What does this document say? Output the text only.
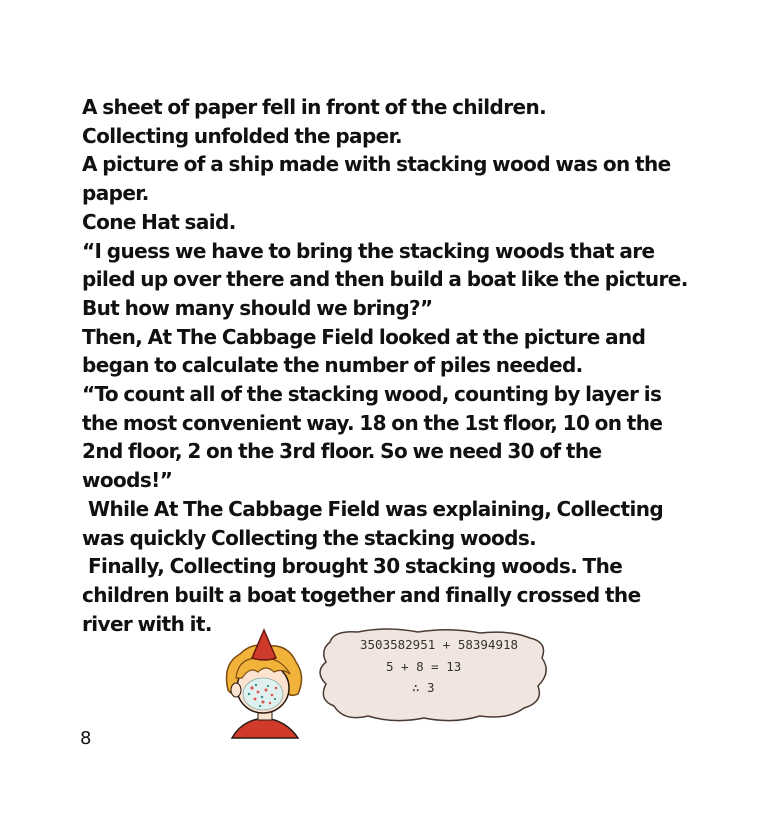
A sheet of paper fell in front of the children.
Collecting unfolded the paper.
A picture of a ship made with stacking wood was on the
paper.
Cone Hat said.
“I guess we have to bring the stacking woods that are
piled up over there and then build a boat like the picture.
But how many should we bring?”
Then, At The Cabbage Field looked at the picture and
began to calculate the number of piles needed.
“To count all of the stacking wood, counting by layer is
the most convenient way. 18 on the 1st floor, 10 on the
2nd floor, 2 on the 3rd floor. So we need 30 of the
woods!”
While At The Cabbage Field was explaining, Collecting
was quickly Collecting the stacking woods.
Finally, Collecting brought 30 stacking woods. The
children built a boat together and finally crossed the
river with it.
3503582951 + 58394918
5 + 8 = 13
∴ 3
8
